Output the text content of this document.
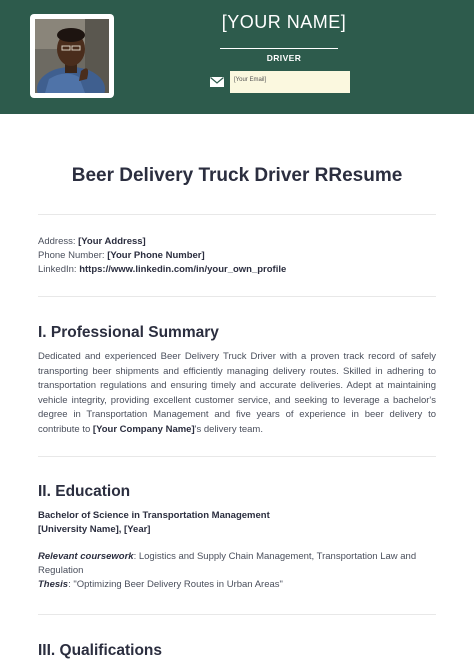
[YOUR NAME]
DRIVER
[Your Email]
Beer Delivery Truck Driver RResume
Address: [Your Address]
Phone Number: [Your Phone Number]
LinkedIn: https://www.linkedin.com/in/your_own_profile
I. Professional Summary
Dedicated and experienced Beer Delivery Truck Driver with a proven track record of safely transporting beer shipments and efficiently managing delivery routes. Skilled in adhering to transportation regulations and ensuring timely and accurate deliveries. Adept at maintaining vehicle integrity, providing excellent customer service, and seeking to leverage a bachelor's degree in Transportation Management and five years of experience in beer delivery to contribute to [Your Company Name]'s delivery team.
II. Education
Bachelor of Science in Transportation Management
[University Name], [Year]
Relevant coursework: Logistics and Supply Chain Management, Transportation Law and Regulation
Thesis: "Optimizing Beer Delivery Routes in Urban Areas"
III. Qualifications
